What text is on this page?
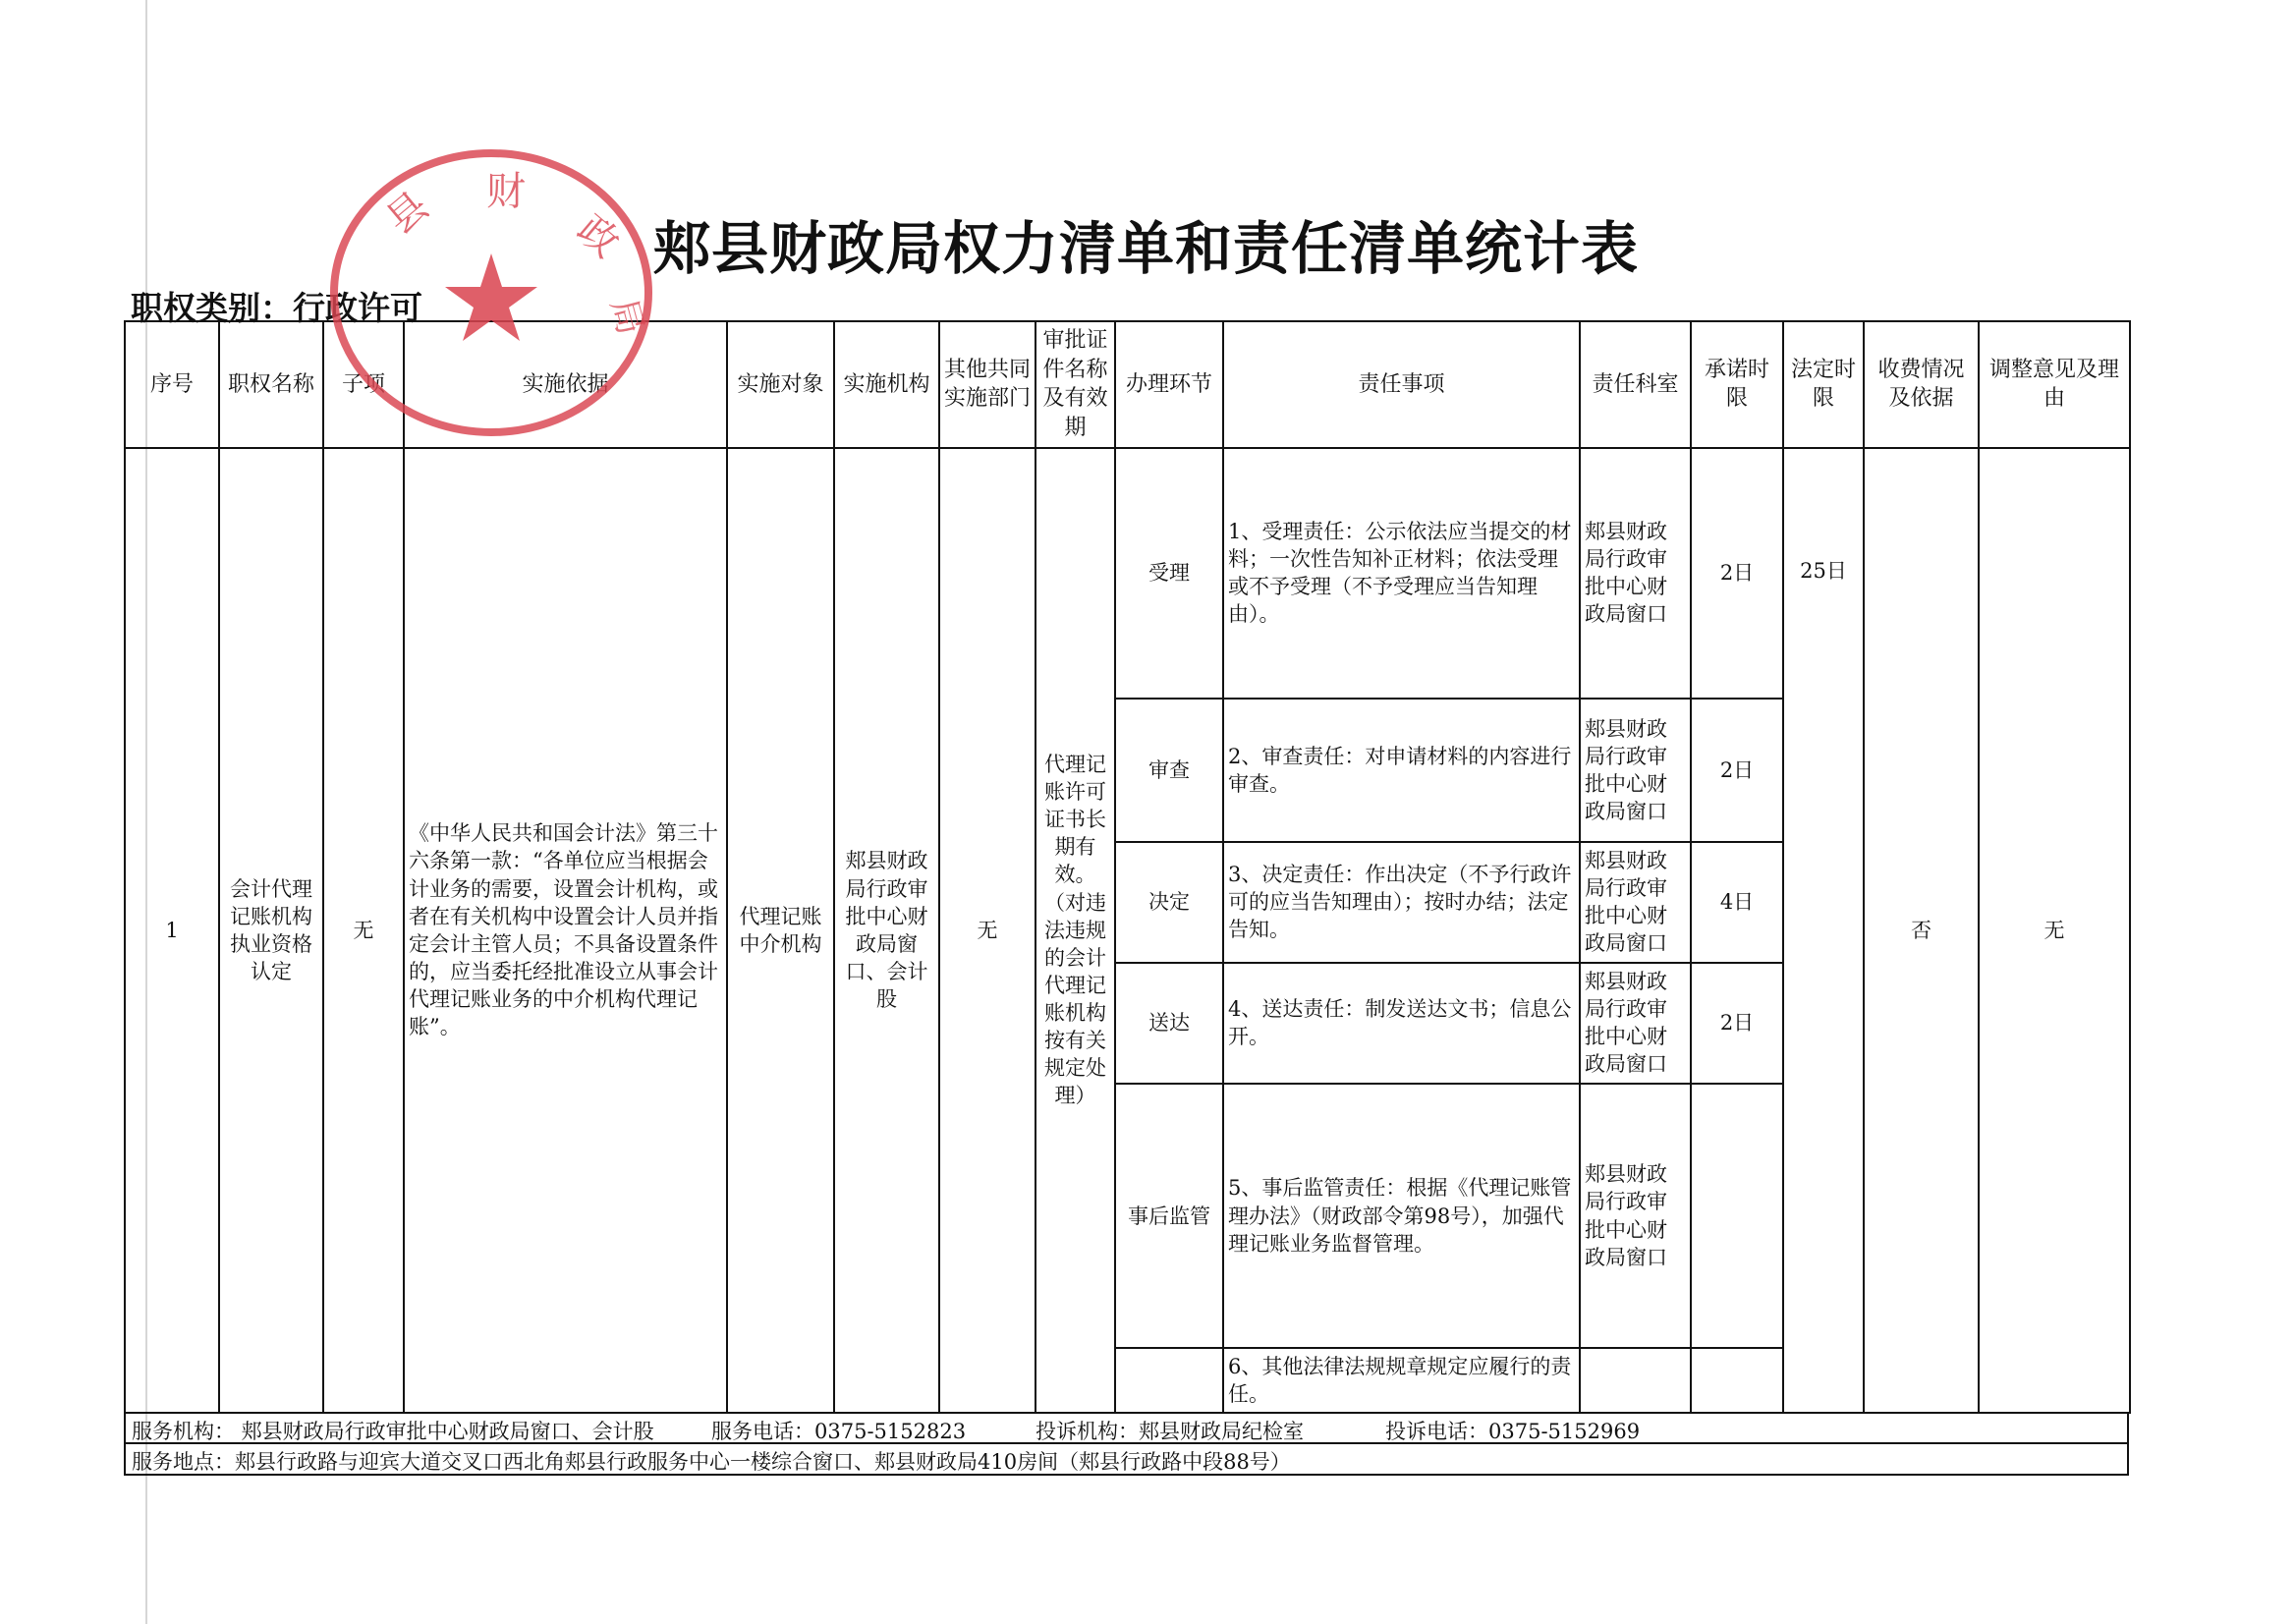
郏县财政局权力清单和责任清单统计表
职权类别：行政许可
序号	职权名称	子项	实施依据	实施对象	实施机构	其他共同实施部门	审批证件名称及有效期	办理环节	责任事项	责任科室	承诺时限	法定时限	收费情况及依据	调整意见及理由
1	会计代理记账机构执业资格认定	无	《中华人民共和国会计法》第三十六条第一款：“各单位应当根据会计业务的需要，设置会计机构，或者在有关机构中设置会计人员并指定会计主管人员；不具备设置条件的，应当委托经批准设立从事会计代理记账业务的中介机构代理记账”。	代理记账中介机构	郏县财政局行政审批中心财政局窗口、会计股	无	代理记账许可证书长期有效。（对违法违规的会计代理记账机构按有关规定处理）	受理	1、受理责任：公示依法应当提交的材料；一次性告知补正材料；依法受理或不予受理（不予受理应当告知理由）。	郏县财政局行政审批中心财政局窗口	2日	25日	否	无
								审查	2、审查责任：对申请材料的内容进行审查。	郏县财政局行政审批中心财政局窗口	2日			
								决定	3、决定责任：作出决定（不予行政许可的应当告知理由）；按时办结；法定告知。	郏县财政局行政审批中心财政局窗口	4日			
								送达	4、送达责任：制发送达文书；信息公开。	郏县财政局行政审批中心财政局窗口	2日			
								事后监管	5、事后监管责任：根据《代理记账管理办法》（财政部令第98号），加强代理记账业务监督管理。	郏县财政局行政审批中心财政局窗口				
									6、其他法律法规规章规定应履行的责任。					
服务机构： 郏县财政局行政审批中心财政局窗口、会计股	服务电话：0375-5152823	投诉机构：郏县财政局纪检室	投诉电话：0375-5152969
服务地点：郏县行政路与迎宾大道交叉口西北角郏县行政服务中心一楼综合窗口、郏县财政局410房间（郏县行政路中段88号）
县 财
政
局
